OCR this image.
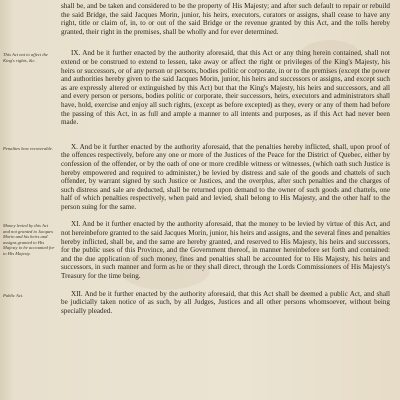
shall be, and be taken and considered to be the property of His Majesty; and after such default to repair or rebuild the said Bridge, the said Jacques Morin, junior, his heirs, executors, curators or assigns, shall cease to have any right, title or claim of, in, to or out of the said Bridge or the revenue granted by this Act, and the tolls hereby granted, their right in the premises, shall be wholly and for ever determined.

This Act not to affect the King's rights, &c.

IX. And be it further enacted by the authority aforesaid, that this Act or any thing herein contained, shall not extend or be construed to extend to lessen, take away or affect the right or privileges of the King's Majesty, his heirs or successors, or of any person or persons, bodies politic or corporate, in or to the premises (except the power and authorities hereby given to the said Jacques Morin, junior, his heirs and successors or assigns, and except such as are expressly altered or extinguished by this Act) but that the King's Majesty, his heirs and successors, and all and every person or persons, bodies politic or corporate, their successors, heirs, executors and administrators shall have, hold, exercise and enjoy all such rights, (except as before excepted) as they, every or any of them had before the passing of this Act, in as full and ample a manner to all intents and purposes, as if this Act had never been made.

Penalties how recoverable.	X. And be it further enacted by the authority aforesaid, that the penalties hereby inflicted, shall, upon proof of the offences respectively, before any one or more of the Justices of the Peace for the District of Quebec, either by confession of the offender, or by the oath of one or more credible witness or witnesses, (which oath such Justice is hereby empowered and required to administer,) be levied by distress and sale of the goods and chattels of such offender, by warrant signed by such Justice or Justices, and the overplus, after such penalties and the charges of such distress and sale are deducted, shall be returned upon demand to the owner of such goods and chattels, one half of which penalties respectively, when paid and levied, shall belong to His Majesty, and the other half to the person suing for the same.

Money levied by this Act and not granted to Jacques Morin and his heirs and assigns granted to His Majesty to be accounted for to His Majesty.

XI. And be it further enacted by the authority aforesaid, that the money to be levied by virtue of this Act, and not hereinbefore granted to the said Jacques Morin, junior, his heirs and assigns, and the several fines and penalties hereby inflicted, shall be, and the same are hereby granted, and reserved to His Majesty, his heirs and successors, for the public uses of this Province, and the Government thereof, in manner hereinbefore set forth and contained: and the due application of such money, fines and penalties shall be accounted for to His Majesty, his heirs and successors, in such manner and form as he or they shall direct, through the Lords Commissioners of His Majesty's Treasury for the time being.

Public Act.	XII. And be it further enacted by the authority aforesaid, that this Act shall be deemed a public Act, and shall be judicially taken notice of as such, by all Judges, Justices and all other persons whomsoever, without being specially pleaded.
